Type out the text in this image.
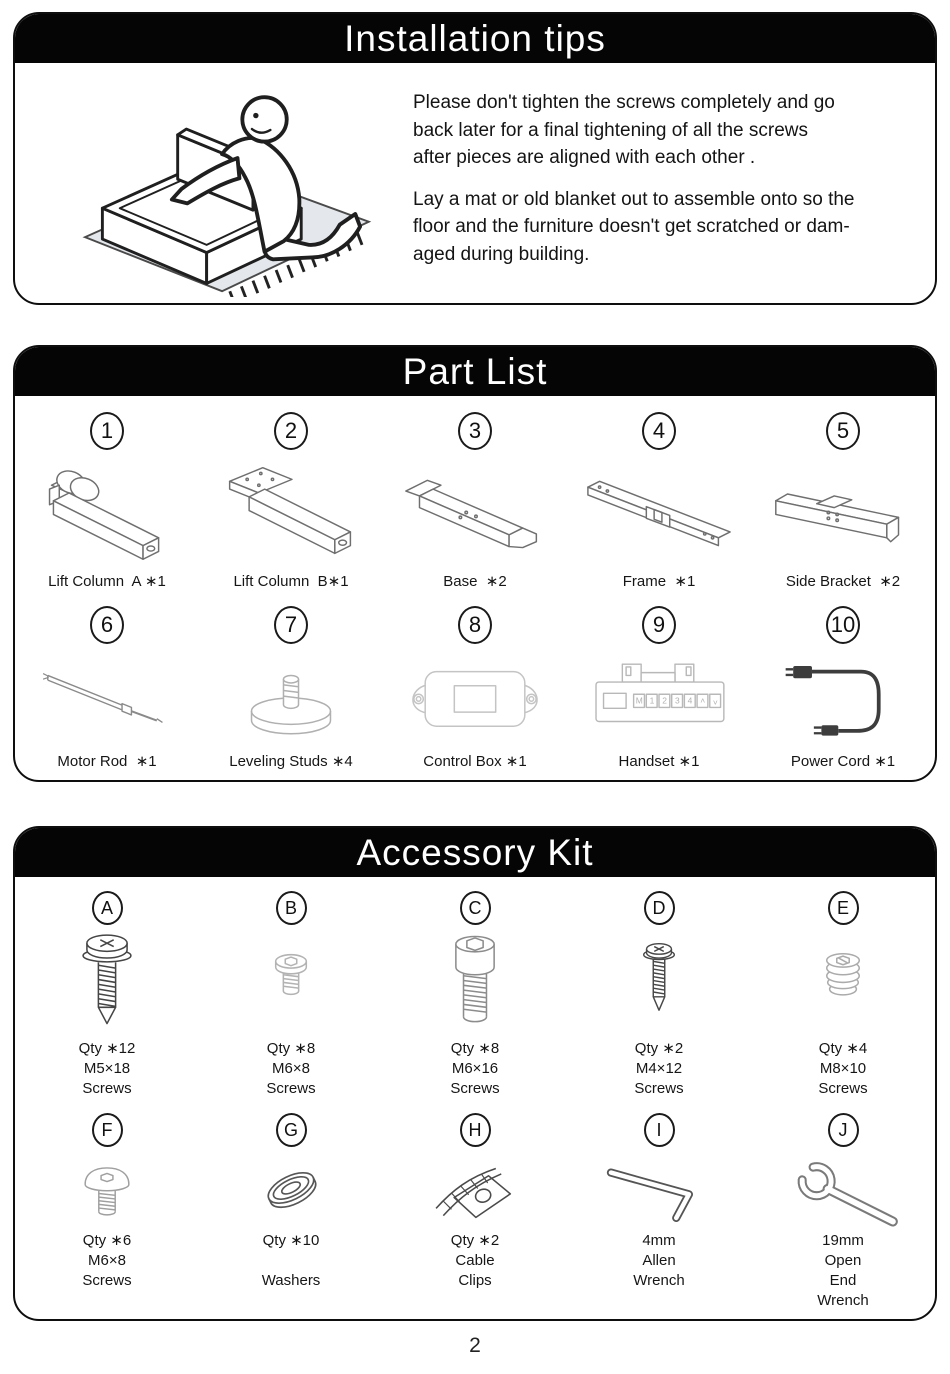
Installation tips
Please don't tighten the screws completely and go
back later for a final tightening of all the screws
after pieces are aligned with each other .
Lay a mat or old blanket out to assemble onto so the
floor and the furniture doesn't get scratched or dam-
aged during building.
Part List
1
Lift Column  A ∗1
2
Lift Column  B∗1
3
Base  ∗2
4
Frame  ∗1
5
Side Bracket  ∗2
6
Motor Rod  ∗1
7
Leveling Studs ∗4
8
Control Box ∗1
9
M 1 2 3 4 ˄ ˅
Handset ∗1
10
Power Cord ∗1
Accessory Kit
A
Qty ∗12
M5×18
Screws
B
Qty ∗8
M6×8
Screws
C
Qty ∗8
M6×16
Screws
D
Qty ∗2
M4×12
Screws
E
Qty ∗4
M8×10
Screws
F
Qty ∗6
M6×8
Screws
G
Qty ∗10
Washers
H
Qty ∗2
Cable
Clips
I
4mm
Allen
Wrench
J
19mm
Open
End
Wrench
2
